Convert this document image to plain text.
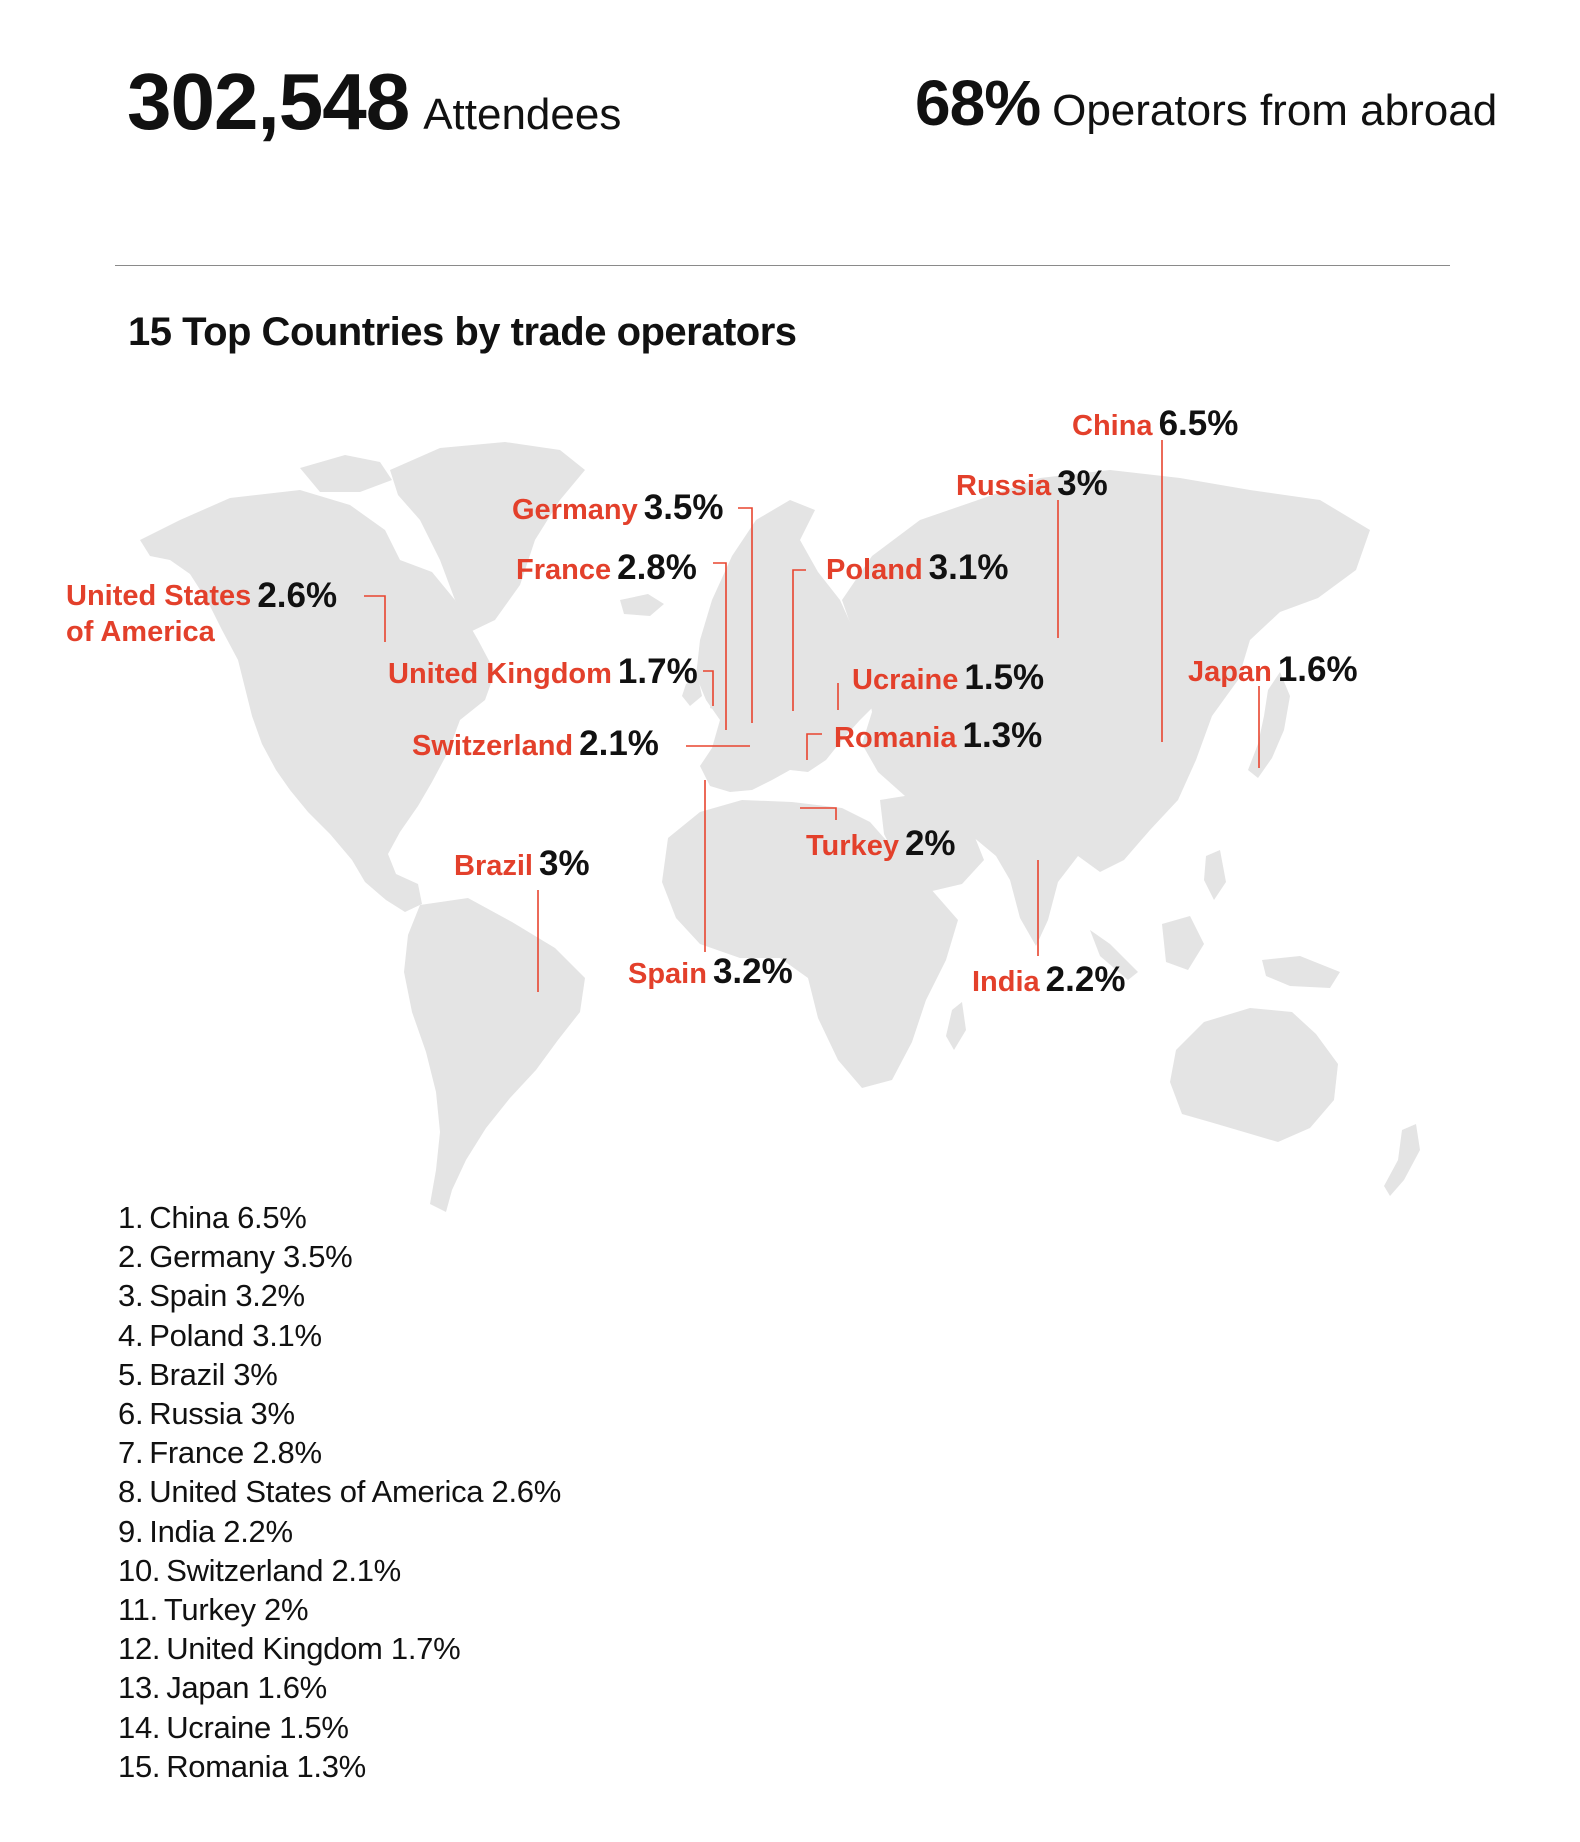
302,548 Attendees	68% Operators from abroad
15 Top Countries by trade operators
China 6.5%
Russia 3%
Germany 3.5%
France 2.8%	Poland 3.1%
United States
of America2.6%
United Kingdom 1.7%	Ucraine 1.5%	Japan 1.6%
Switzerland 2.1%	Romania 1.3%
Turkey 2%
Brazil 3%
Spain 3.2%	India 2.2%
1. China 6.5%
2. Germany 3.5%
3. Spain 3.2%
4. Poland 3.1%
5. Brazil 3%
6. Russia 3%
7. France 2.8%
8. United States of America 2.6%
9. India 2.2%
10. Switzerland 2.1%
11. Turkey 2%
12. United Kingdom 1.7%
13. Japan 1.6%
14. Ucraine 1.5%
15. Romania 1.3%
